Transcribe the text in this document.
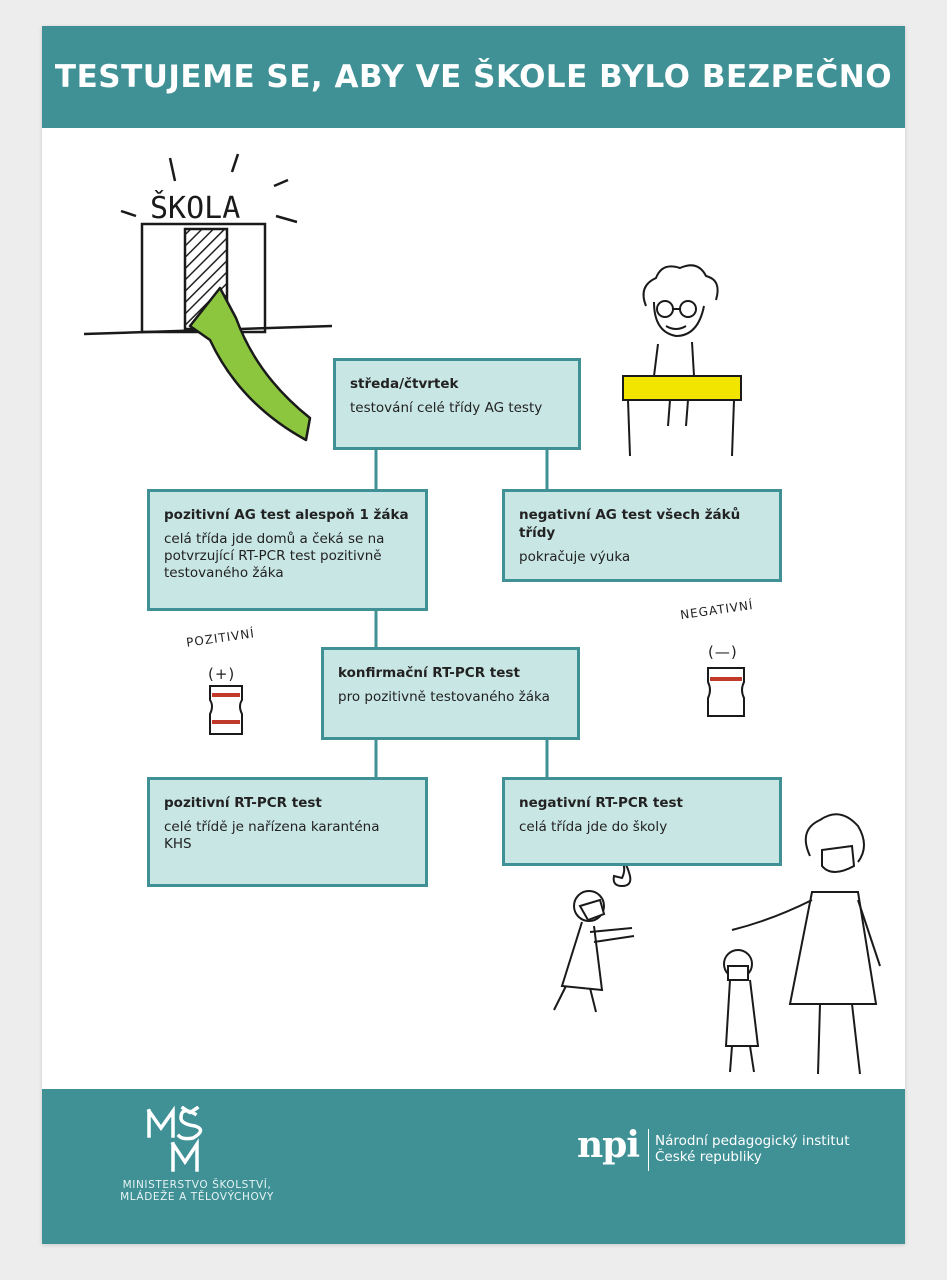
TESTUJEME SE, ABY VE ŠKOLE BYLO BEZPEČNO
ŠKOLA
POZITIVNÍ
(+)
NEGATIVNÍ
(—)
středa/čtvrtek
testování celé třídy AG testy
pozitivní AG test alespoň 1 žáka
celá třída jde domů a čeká se na
potvrzující RT-PCR test pozitivně
testovaného žáka
negativní AG test všech žáků třídy
pokračuje výuka
konfirmační RT-PCR test
pro pozitivně testovaného žáka
pozitivní RT-PCR test
celé třídě je nařízena karanténa
KHS
negativní RT-PCR test
celá třída jde do školy
MINISTERSTVO ŠKOLSTVÍ,
MLÁDEŽE A TĚLOVÝCHOVY
npi Národní pedagogický institut
České republiky
